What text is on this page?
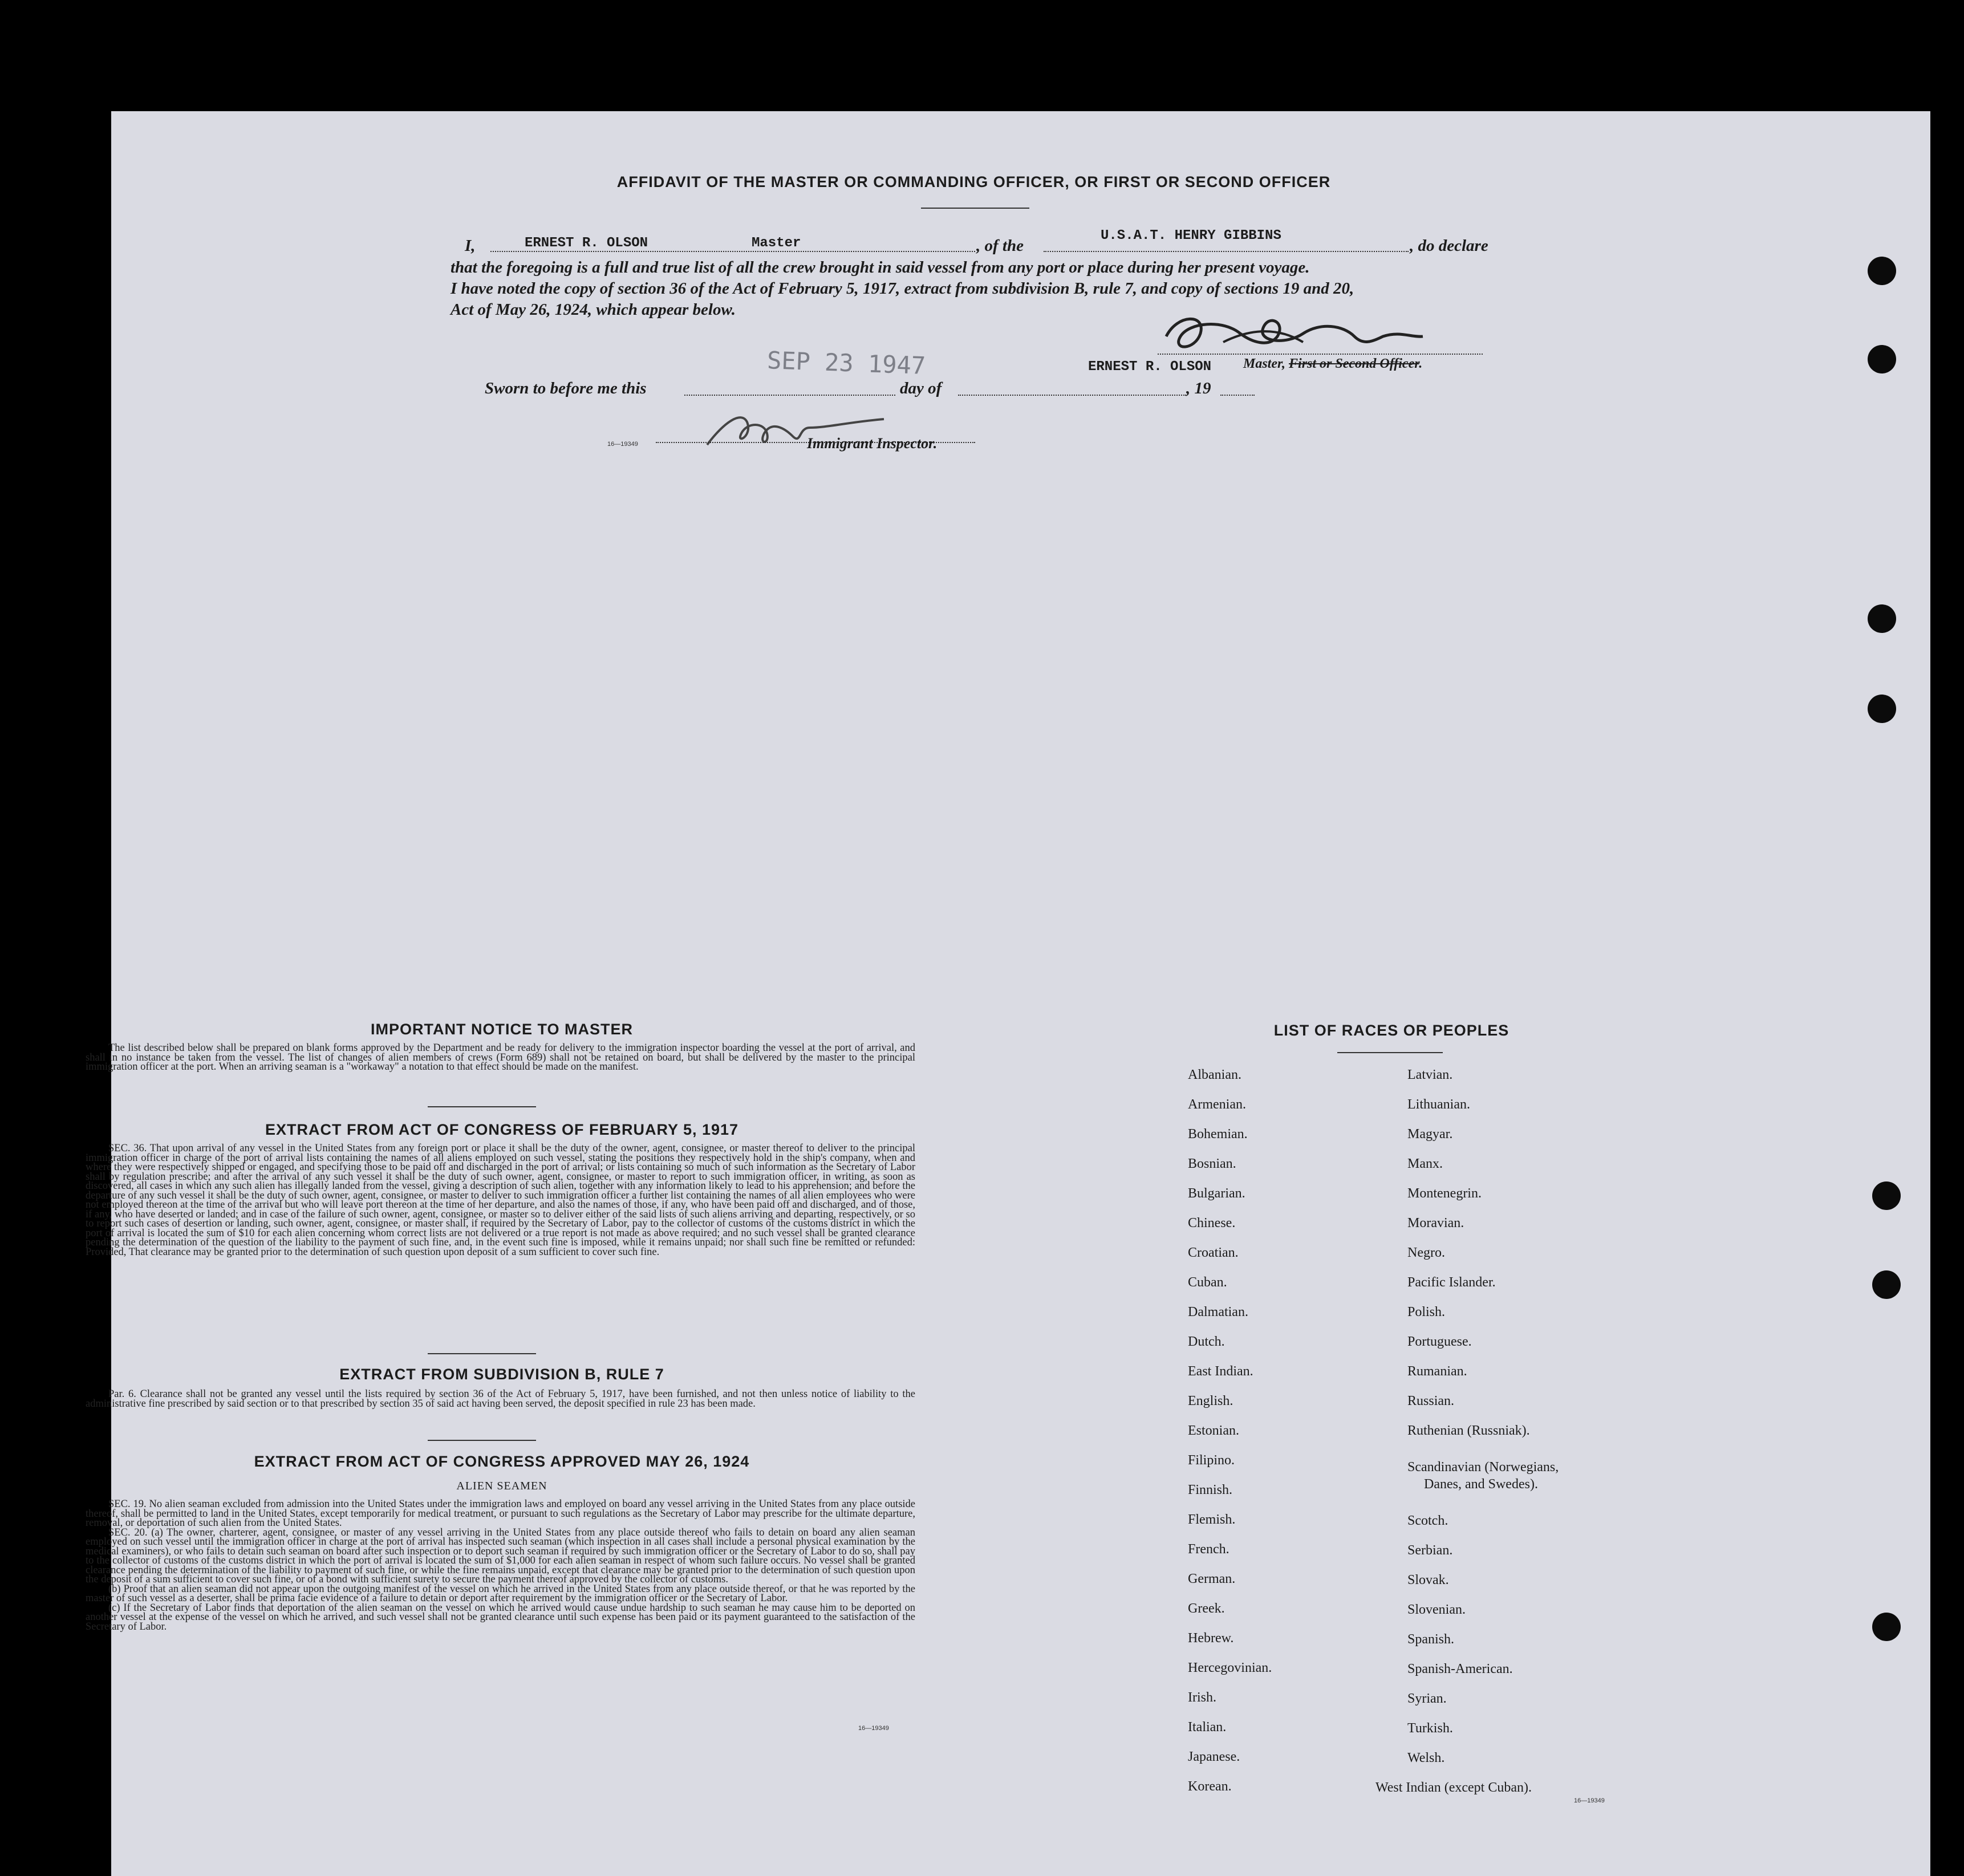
AFFIDAVIT OF THE MASTER OR COMMANDING OFFICER, OR FIRST OR SECOND OFFICER
I,	ERNEST R. OLSON	Master	, of the
U.S.A.T. HENRY GIBBINS
, do declare
that the foregoing is a full and true list of all the crew brought in said vessel from any port or place during her present voyage.
I have noted the copy of section 36 of the Act of February 5, 1917, extract from subdivision B, rule 7, and copy of sections 19 and 20,
Act of May 26, 1924, which appear below.
SEP 23 1947	ERNEST R. OLSON Master, First or Second Officer.
Sworn to before me this	day of	, 19
16—19349	Immigrant Inspector.
IMPORTANT NOTICE TO MASTER

The list described below shall be prepared on blank forms approved by the Department and be ready for delivery to the immigration inspector boarding the vessel at the port of arrival, and shall in no instance be taken from the vessel. The list of changes of alien members of crews (Form 689) shall not be retained on board, but shall be delivered by the master to the principal immigration officer at the port. When an arriving seaman is a "workaway" a notation to that effect should be made on the manifest.

EXTRACT FROM ACT OF CONGRESS OF FEBRUARY 5, 1917

SEC. 36. That upon arrival of any vessel in the United States from any foreign port or place it shall be the duty of the owner, agent, consignee, or master thereof to deliver to the principal immigration officer in charge of the port of arrival lists containing the names of all aliens employed on such vessel, stating the positions they respectively hold in the ship's company, when and where they were respectively shipped or engaged, and specifying those to be paid off and discharged in the port of arrival; or lists containing so much of such information as the Secretary of Labor shall by regulation prescribe; and after the arrival of any such vessel it shall be the duty of such owner, agent, consignee, or master to report to such immigration officer, in writing, as soon as discovered, all cases in which any such alien has illegally landed from the vessel, giving a description of such alien, together with any information likely to lead to his apprehension; and before the departure of any such vessel it shall be the duty of such owner, agent, consignee, or master to deliver to such immigration officer a further list containing the names of all alien employees who were not employed thereon at the time of the arrival but who will leave port thereon at the time of her departure, and also the names of those, if any, who have been paid off and discharged, and of those, if any, who have deserted or landed; and in case of the failure of such owner, agent, consignee, or master so to deliver either of the said lists of such aliens arriving and departing, respectively, or so to report such cases of desertion or landing, such owner, agent, consignee, or master shall, if required by the Secretary of Labor, pay to the collector of customs of the customs district in which the port of arrival is located the sum of $10 for each alien concerning whom correct lists are not delivered or a true report is not made as above required; and no such vessel shall be granted clearance pending the determination of the question of the liability to the payment of such fine, and, in the event such fine is imposed, while it remains unpaid; nor shall such fine be remitted or refunded: Provided, That clearance may be granted prior to the determination of such question upon deposit of a sum sufficient to cover such fine.

EXTRACT FROM SUBDIVISION B, RULE 7

Par. 6. Clearance shall not be granted any vessel until the lists required by section 36 of the Act of February 5, 1917, have been furnished, and not then unless notice of liability to the administrative fine prescribed by said section or to that prescribed by section 35 of said act having been served, the deposit specified in rule 23 has been made.

EXTRACT FROM ACT OF CONGRESS APPROVED MAY 26, 1924
ALIEN SEAMEN

SEC. 19. No alien seaman excluded from admission into the United States under the immigration laws and employed on board any vessel arriving in the United States from any place outside thereof, shall be permitted to land in the United States, except temporarily for medical treatment, or pursuant to such regulations as the Secretary of Labor may prescribe for the ultimate departure, removal, or deportation of such alien from the United States.

SEC. 20. (a) The owner, charterer, agent, consignee, or master of any vessel arriving in the United States from any place outside thereof who fails to detain on board any alien seaman employed on such vessel until the immigration officer in charge at the port of arrival has inspected such seaman (which inspection in all cases shall include a personal physical examination by the medical examiners), or who fails to detain such seaman on board after such inspection or to deport such seaman if required by such immigration officer or the Secretary of Labor to do so, shall pay to the collector of customs of the customs district in which the port of arrival is located the sum of $1,000 for each alien seaman in respect of whom such failure occurs. No vessel shall be granted clearance pending the determination of the liability to payment of such fine, or while the fine remains unpaid, except that clearance may be granted prior to the determination of such question upon the deposit of a sum sufficient to cover such fine, or of a bond with sufficient surety to secure the payment thereof approved by the collector of customs.

(b) Proof that an alien seaman did not appear upon the outgoing manifest of the vessel on which he arrived in the United States from any place outside thereof, or that he was reported by the master of such vessel as a deserter, shall be prima facie evidence of a failure to detain or deport after requirement by the immigration officer or the Secretary of Labor.

(c) If the Secretary of Labor finds that deportation of the alien seaman on the vessel on which he arrived would cause undue hardship to such seaman he may cause him to be deported on another vessel at the expense of the vessel on which he arrived, and such vessel shall not be granted clearance until such expense has been paid or its payment guaranteed to the satisfaction of the Secretary of Labor.

16—19349
LIST OF RACES OR PEOPLES
Albanian.
Armenian.
Bohemian.
Bosnian.
Bulgarian.
Chinese.
Croatian.
Cuban.
Dalmatian.
Dutch.
East Indian.
English.
Estonian.
Filipino.
Finnish.
Flemish.
French.
German.
Greek.
Hebrew.
Hercegovinian.
Irish.
Italian.
Japanese.
Korean.
Latvian.
Lithuanian.
Magyar.
Manx.
Montenegrin.
Moravian.
Negro.
Pacific Islander.
Polish.
Portuguese.
Rumanian.
Russian.
Ruthenian (Russniak).
Scandinavian (Norwegians,
Danes, and Swedes).
Scotch.
Serbian.
Slovak.
Slovenian.
Spanish.
Spanish-American.
Syrian.
Turkish.
Welsh.
West Indian (except Cuban).
16—19349
